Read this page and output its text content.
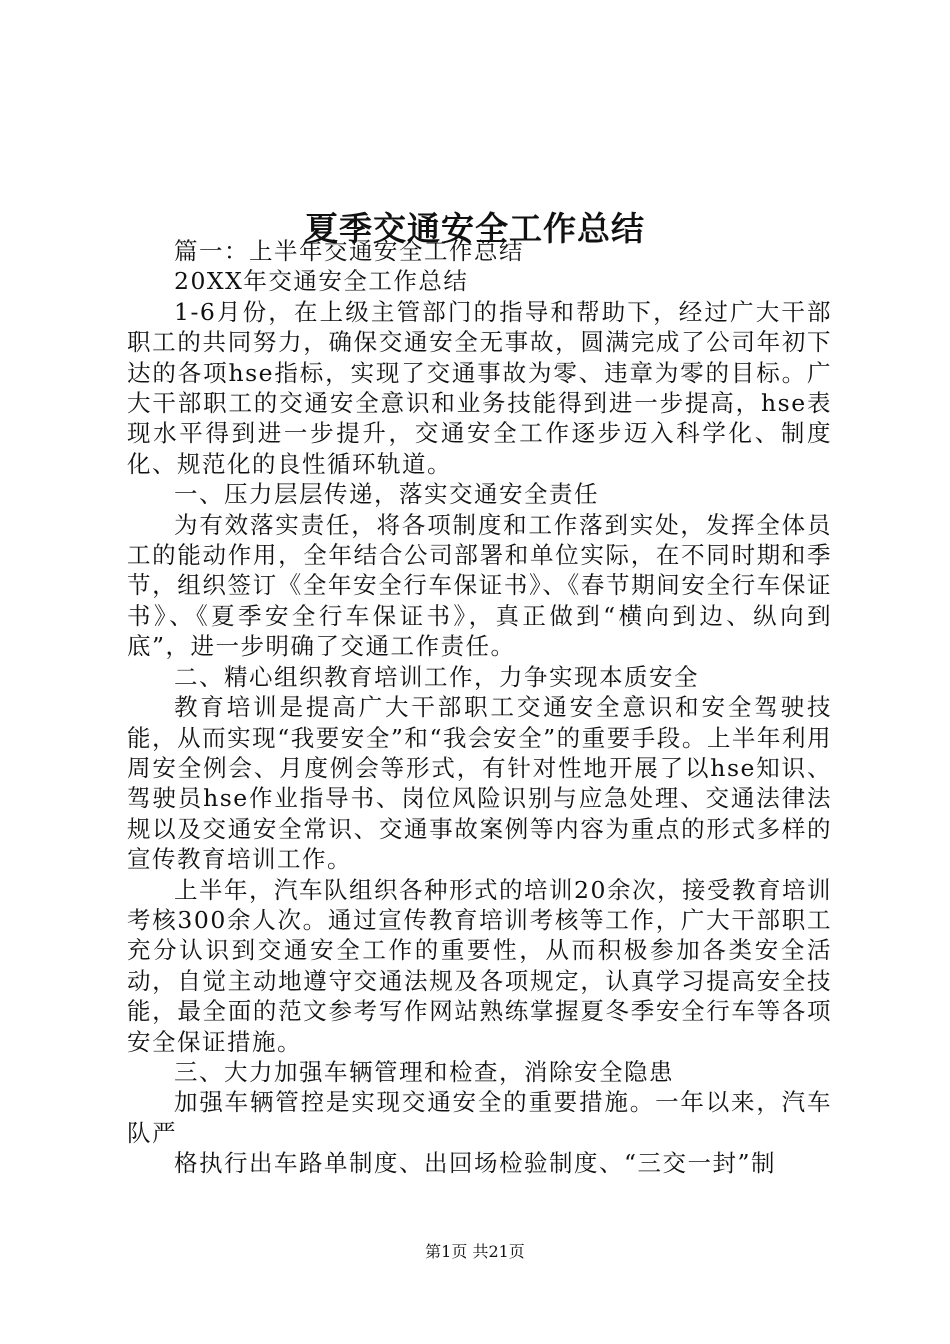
夏季交通安全工作总结

篇一：上半年交通安全工作总结

20XX年交通安全工作总结

1-6月份，在上级主管部门的指导和帮助下，经过广大干部职工的共同努力，确保交通安全无事故，圆满完成了公司年初下达的各项hse指标，实现了交通事故为零、违章为零的目标。广大干部职工的交通安全意识和业务技能得到进一步提高，hse表现水平得到进一步提升，交通安全工作逐步迈入科学化、制度化、规范化的良性循环轨道。

一、压力层层传递，落实交通安全责任

为有效落实责任，将各项制度和工作落到实处，发挥全体员工的能动作用，全年结合公司部署和单位实际，在不同时期和季节，组织签订《全年安全行车保证书》、《春节期间安全行车保证书》、《夏季安全行车保证书》，真正做到“横向到边、纵向到底”，进一步明确了交通工作责任。

二、精心组织教育培训工作，力争实现本质安全

教育培训是提高广大干部职工交通安全意识和安全驾驶技能，从而实现“我要安全”和“我会安全”的重要手段。上半年利用周安全例会、月度例会等形式，有针对性地开展了以hse知识、驾驶员hse作业指导书、岗位风险识别与应急处理、交通法律法规以及交通安全常识、交通事故案例等内容为重点的形式多样的宣传教育培训工作。

上半年，汽车队组织各种形式的培训20余次，接受教育培训考核300余人次。通过宣传教育培训考核等工作，广大干部职工充分认识到交通安全工作的重要性，从而积极参加各类安全活动，自觉主动地遵守交通法规及各项规定，认真学习提高安全技能，最全面的范文参考写作网站熟练掌握夏冬季安全行车等各项安全保证措施。

三、大力加强车辆管理和检查，消除安全隐患

加强车辆管控是实现交通安全的重要措施。一年以来，汽车队严

格执行出车路单制度、出回场检验制度、“三交一封”制

第1页 共21页
